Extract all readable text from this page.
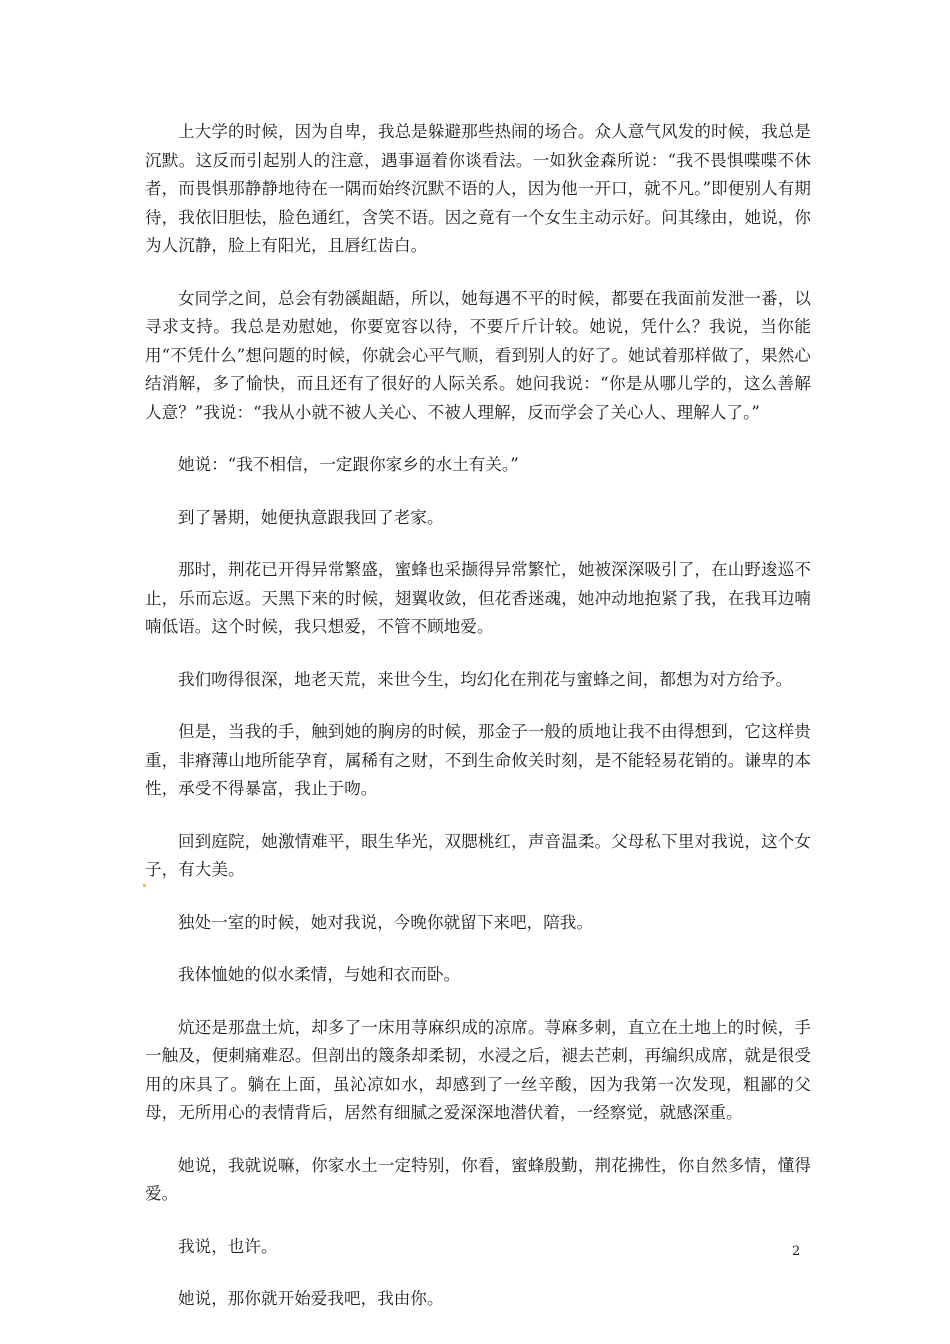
上大学的时候，因为自卑，我总是躲避那些热闹的场合。众人意气风发的时候，我总是沉默。这反而引起别人的注意，遇事逼着你谈看法。一如狄金森所说：“我不畏惧喋喋不休者，而畏惧那静静地待在一隅而始终沉默不语的人，因为他一开口，就不凡。”即便别人有期待，我依旧胆怯，脸色通红，含笑不语。因之竟有一个女生主动示好。问其缘由，她说，你为人沉静，脸上有阳光，且唇红齿白。

女同学之间，总会有勃豀龃龉，所以，她每遇不平的时候，都要在我面前发泄一番，以寻求支持。我总是劝慰她，你要宽容以待，不要斤斤计较。她说，凭什么？我说，当你能用“不凭什么”想问题的时候，你就会心平气顺，看到别人的好了。她试着那样做了，果然心结消解，多了愉快，而且还有了很好的人际关系。她问我说：“你是从哪儿学的，这么善解人意？”我说：“我从小就不被人关心、不被人理解，反而学会了关心人、理解人了。”

她说：“我不相信，一定跟你家乡的水土有关。”

到了暑期，她便执意跟我回了老家。

那时，荆花已开得异常繁盛，蜜蜂也采撷得异常繁忙，她被深深吸引了，在山野逡巡不止，乐而忘返。天黑下来的时候，翅翼收敛，但花香迷魂，她冲动地抱紧了我，在我耳边喃喃低语。这个时候，我只想爱，不管不顾地爱。

我们吻得很深，地老天荒，来世今生，均幻化在荆花与蜜蜂之间，都想为对方给予。

但是，当我的手，触到她的胸房的时候，那金子一般的质地让我不由得想到，它这样贵重，非瘠薄山地所能孕育，属稀有之财，不到生命攸关时刻，是不能轻易花销的。谦卑的本性，承受不得暴富，我止于吻。

回到庭院，她激情难平，眼生华光，双腮桃红，声音温柔。父母私下里对我说，这个女子，有大美。

独处一室的时候，她对我说，今晚你就留下来吧，陪我。

我体恤她的似水柔情，与她和衣而卧。

炕还是那盘土炕，却多了一床用荨麻织成的凉席。荨麻多刺，直立在土地上的时候，手一触及，便刺痛难忍。但剖出的篾条却柔韧，水浸之后，褪去芒刺，再编织成席，就是很受用的床具了。躺在上面，虽沁凉如水，却感到了一丝辛酸，因为我第一次发现，粗鄙的父母，无所用心的表情背后，居然有细腻之爱深深地潜伏着，一经察觉，就感深重。

她说，我就说嘛，你家水土一定特别，你看，蜜蜂殷勤，荆花拂性，你自然多情，懂得爱。

我说，也许。

她说，那你就开始爱我吧，我由你。

2
